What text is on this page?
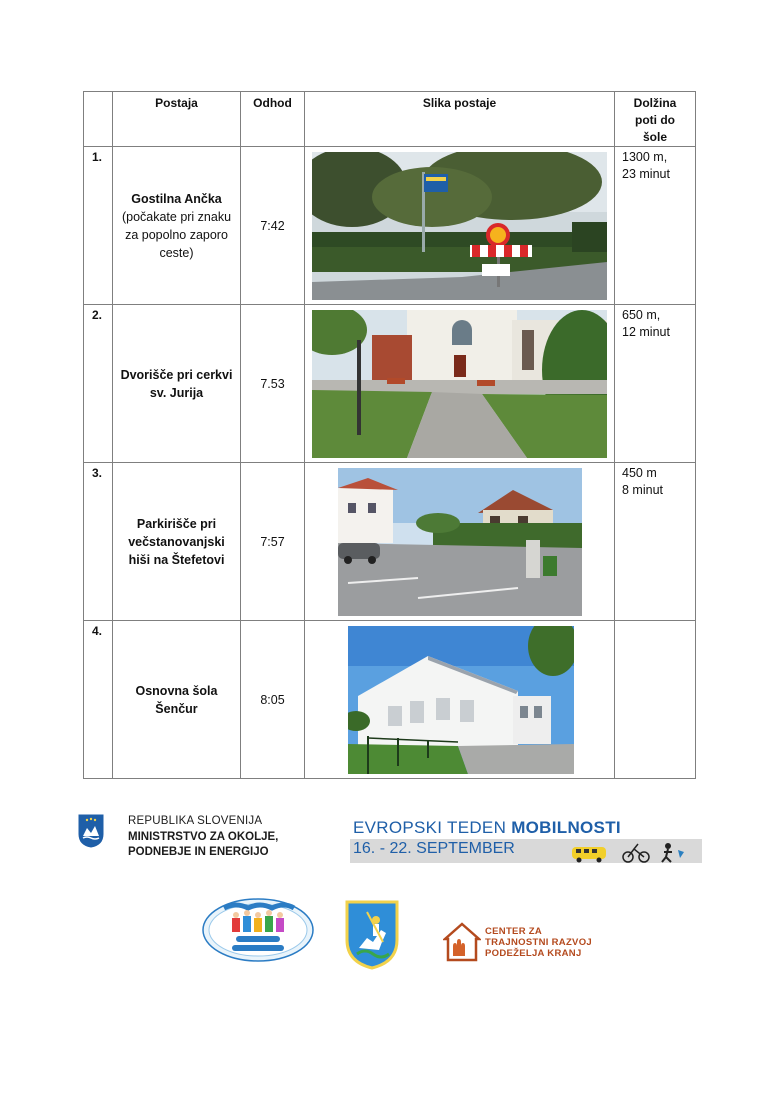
	Postaja	Odhod	Slika postaje	Dolžina
poti do
šole

1.	Gostilna Ančka
(počakate pri znaku za popolno zaporo ceste)	7:42		1300 m,
23 minut

2.	Dvorišče pri cerkvi sv. Jurija	7.53		650 m,
12 minut

3.	Parkirišče pri večstanovanjski hiši na Štefetovi	7:57		450 m
8 minut

4.	Osnovna šola Šenčur	8:05

REPUBLIKA SLOVENIJA
MINISTRSTVO ZA OKOLJE,
PODNEBJE IN ENERGIJO
EVROPSKI TEDEN MOBILNOSTI
16. - 22. SEPTEMBER
CENTER ZA
TRAJNOSTNI RAZVOJ
PODEŽELJA KRANJ
